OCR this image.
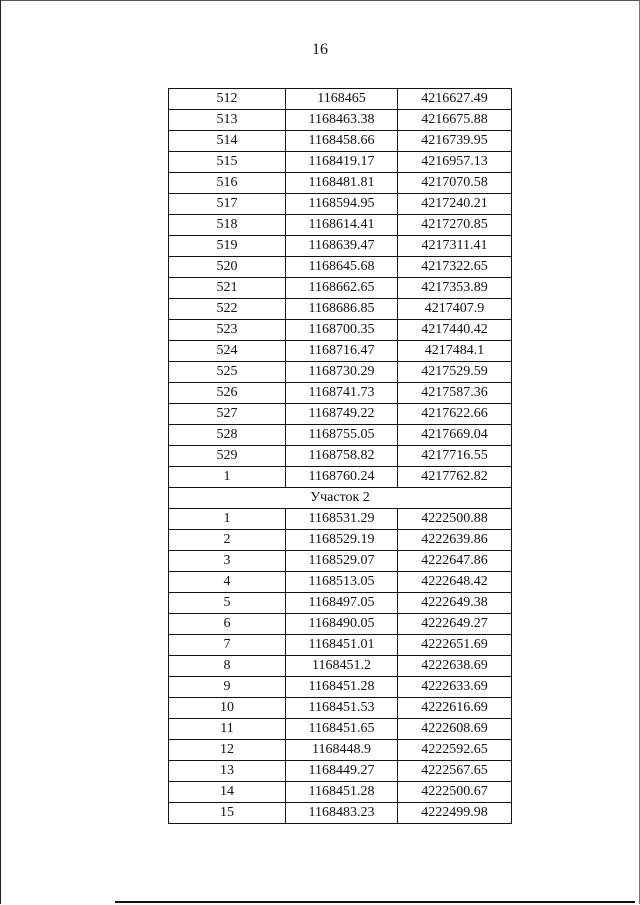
16
512	1168465	4216627.49
513	1168463.38	4216675.88
514	1168458.66	4216739.95
515	1168419.17	4216957.13
516	1168481.81	4217070.58
517	1168594.95	4217240.21
518	1168614.41	4217270.85
519	1168639.47	4217311.41
520	1168645.68	4217322.65
521	1168662.65	4217353.89
522	1168686.85	4217407.9
523	1168700.35	4217440.42
524	1168716.47	4217484.1
525	1168730.29	4217529.59
526	1168741.73	4217587.36
527	1168749.22	4217622.66
528	1168755.05	4217669.04
529	1168758.82	4217716.55
1	1168760.24	4217762.82
Участок 2		
1	1168531.29	4222500.88
2	1168529.19	4222639.86
3	1168529.07	4222647.86
4	1168513.05	4222648.42
5	1168497.05	4222649.38
6	1168490.05	4222649.27
7	1168451.01	4222651.69
8	1168451.2	4222638.69
9	1168451.28	4222633.69
10	1168451.53	4222616.69
11	1168451.65	4222608.69
12	1168448.9	4222592.65
13	1168449.27	4222567.65
14	1168451.28	4222500.67
15	1168483.23	4222499.98
